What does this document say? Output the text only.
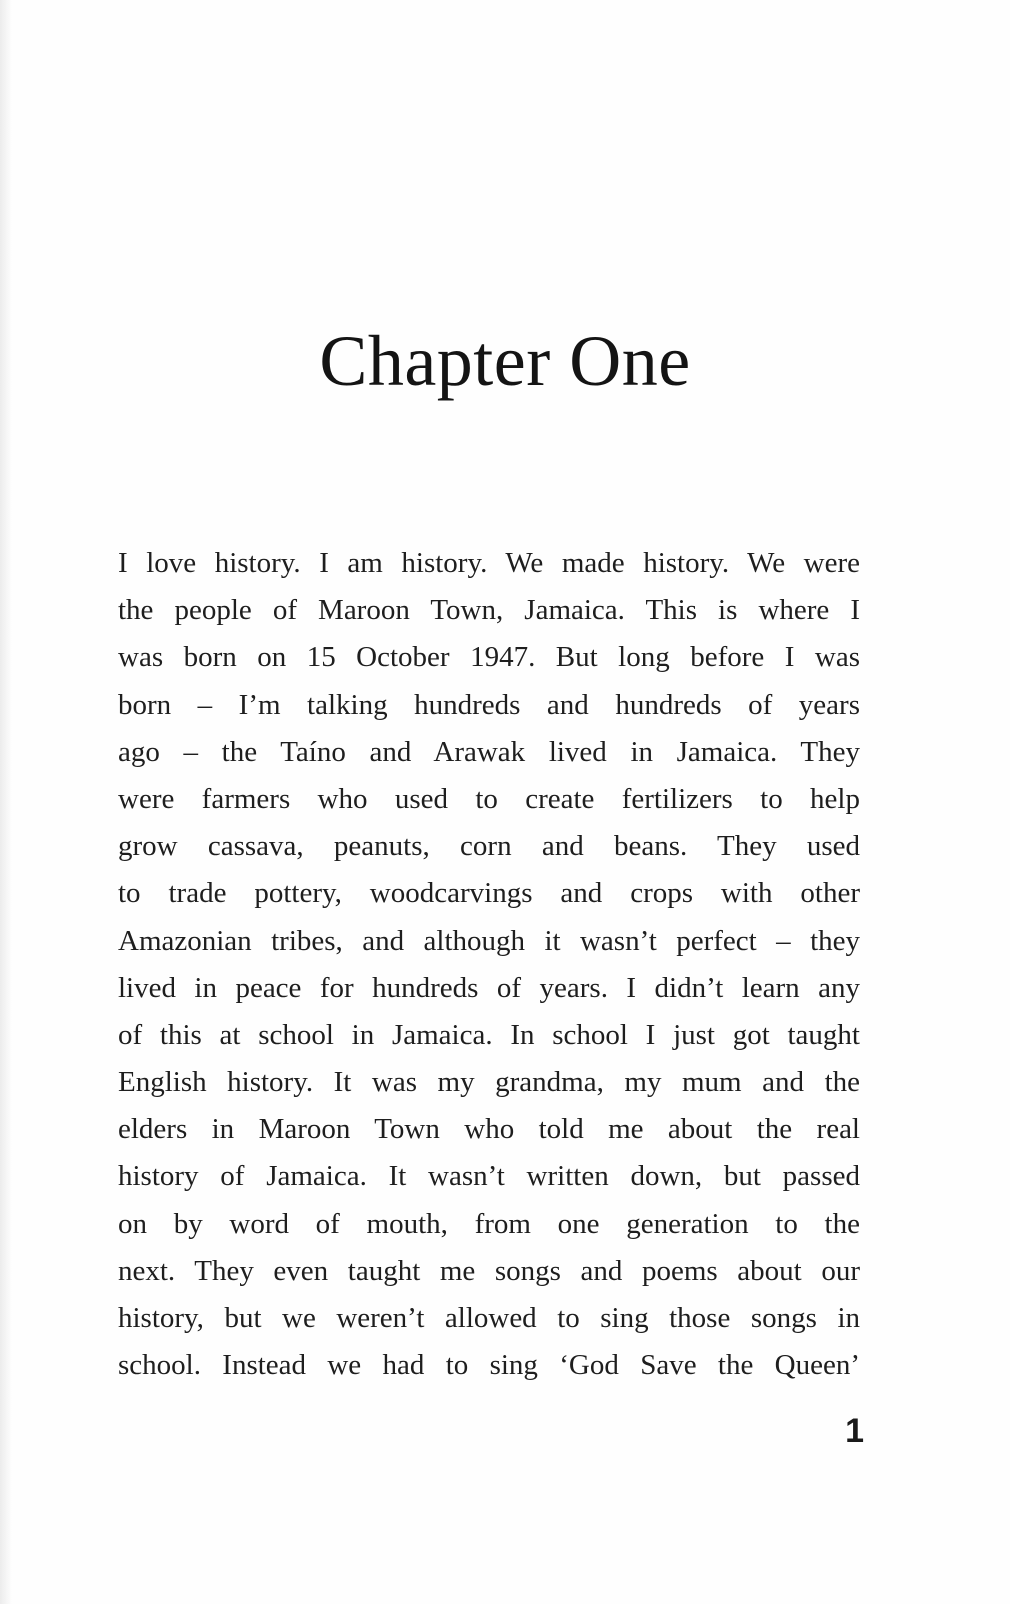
Chapter One
I love history. I am history. We made history. We were
the people of Maroon Town, Jamaica. This is where I
was born on 15 October 1947. But long before I was
born – I’m talking hundreds and hundreds of years
ago – the Taíno and Arawak lived in Jamaica. They
were farmers who used to create fertilizers to help
grow cassava, peanuts, corn and beans. They used
to trade pottery, woodcarvings and crops with other
Amazonian tribes, and although it wasn’t perfect – they
lived in peace for hundreds of years. I didn’t learn any
of this at school in Jamaica. In school I just got taught
English history. It was my grandma, my mum and the
elders in Maroon Town who told me about the real
history of Jamaica. It wasn’t written down, but passed
on by word of mouth, from one generation to the
next. They even taught me songs and poems about our
history, but we weren’t allowed to sing those songs in
school. Instead we had to sing ‘God Save the Queen’
1
